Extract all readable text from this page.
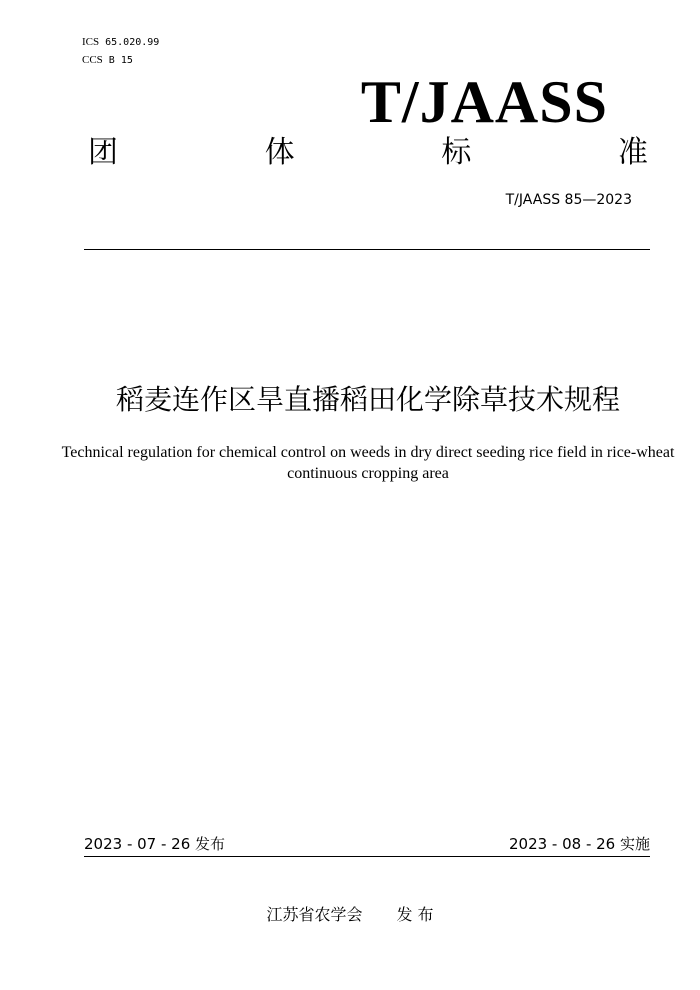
ICS 65.020.99
CCS B 15
T/JAASS
团	体	标	准
T/JAASS 85—2023
稻麦连作区旱直播稻田化学除草技术规程
Technical regulation for chemical control on weeds in dry direct seeding rice field in rice-wheat continuous cropping area
2023 - 07 - 26 发布	2023 - 08 - 26 实施
江苏省农学会 发 布
